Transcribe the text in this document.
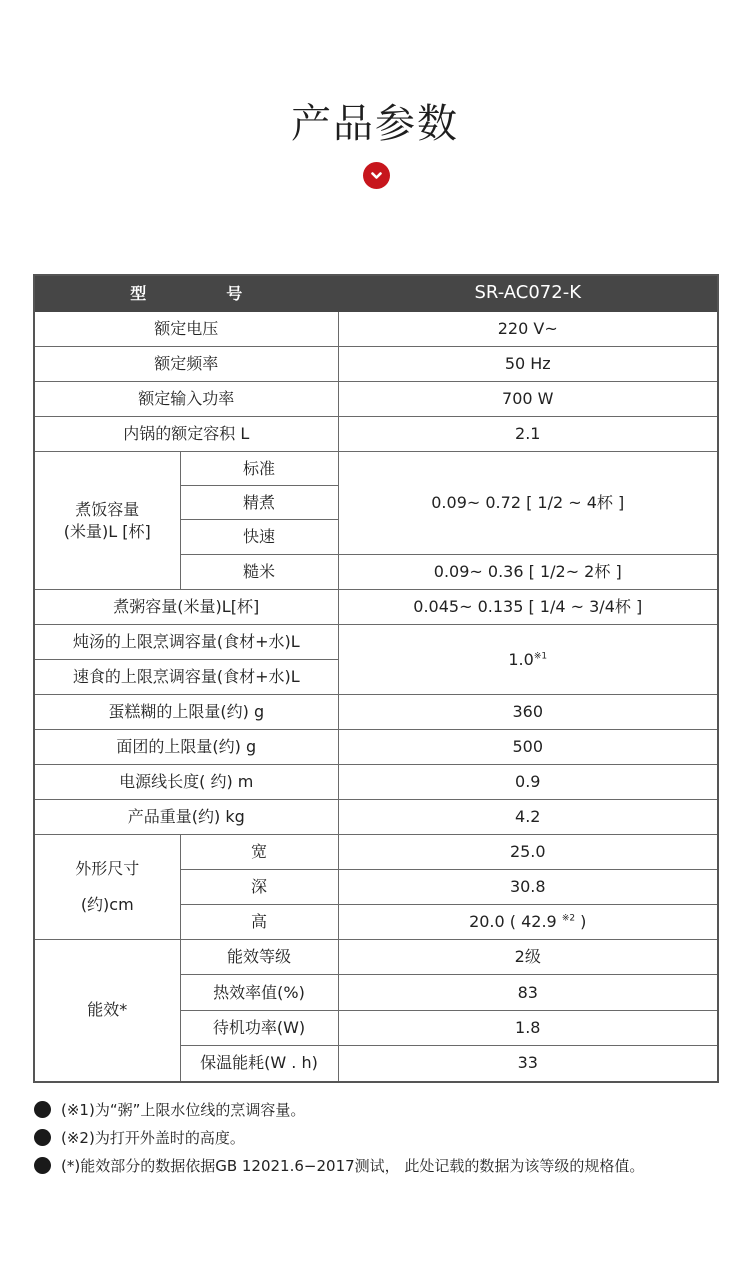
产品参数
型 号		SR-AC072-K
额定电压		220 V~
额定频率		50 Hz
额定输入功率		700 W
内锅的额定容积 L		2.1

煮饭容量
(米量)L [杯]	标准	0.09~ 0.72 [ 1/2 ~ 4杯 ]
	精煮	
	快速	
	糙米	0.09~ 0.36 [ 1/2~ 2杯 ]
煮粥容量(米量)L[杯]		0.045~ 0.135 [ 1/4 ~ 3/4杯 ]
炖汤的上限烹调容量(食材+水)L		1.0$^{※1}$
速食的上限烹调容量(食材+水)L		
蛋糕糊的上限量(约) g		360
面团的上限量(约) g		500
电源线长度( 约) m		0.9
产品重量(约) kg		4.2

外形尺寸
(约)cm	宽	25.0
	深	30.8
	高	20.0 ( 42.9 $^{※2}$ )
能效*	能效等级	2级
	热效率值(%)	83
	待机功率(W)	1.8
	保温能耗(W . h)	33
(※1)为“粥”上限水位线的烹调容量。
(※2)为打开外盖时的高度。
(*)能效部分的数据依据GB 12021.6−2017测试， 此处记载的数据为该等级的规格值。
